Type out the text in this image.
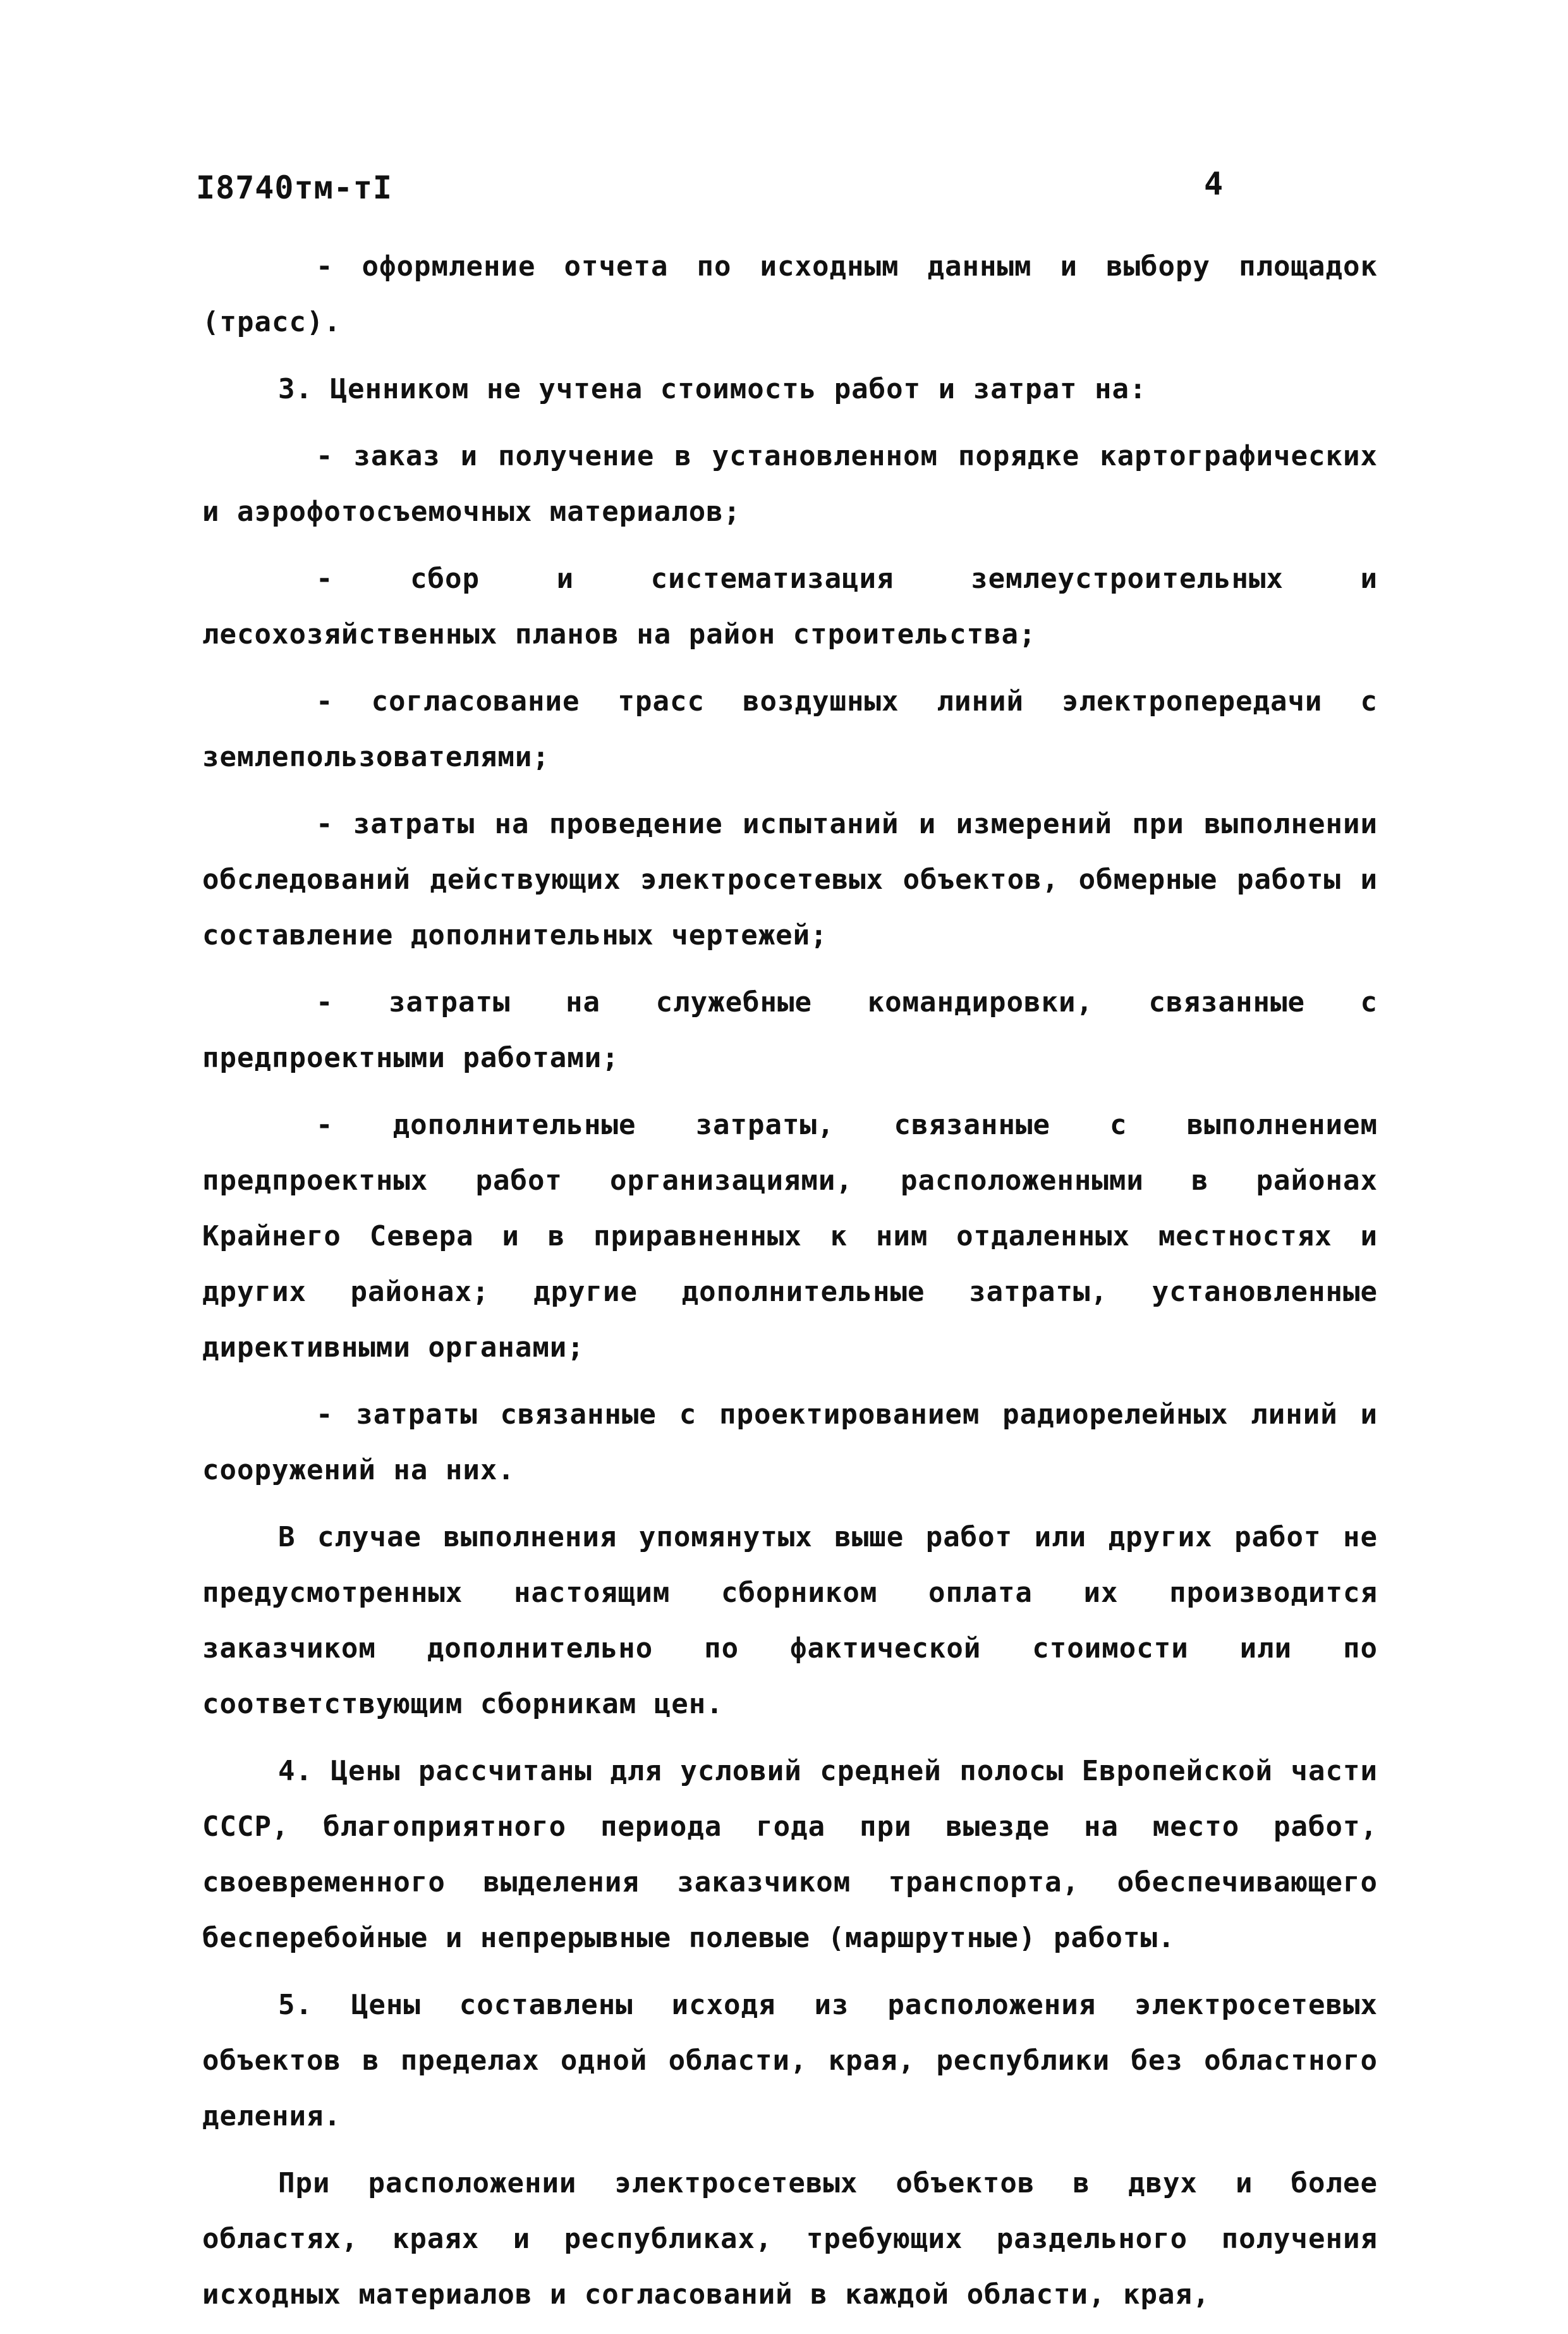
I8740тм-тI	4

- оформление отчета по исходным данным и выбору площадок (трасс).

3. Ценником не учтена стоимость работ и затрат на:

- заказ и получение в установленном порядке картографических и аэрофотосъемочных материалов;

- сбор и систематизация землеустроительных и лесохозяйственных планов на район строительства;

- согласование трасс воздушных линий электропередачи с землепользователями;

- затраты на проведение испытаний и измерений при выполнении обследований действующих электросетевых объектов, обмерные работы и составление дополнительных чертежей;

- затраты на служебные командировки, связанные с предпроектными работами;

- дополнительные затраты, связанные с выполнением предпроектных работ организациями, расположенными в районах Крайнего Севера и в приравненных к ним отдаленных местностях и других районах; другие дополнительные затраты, установленные директивными органами;

- затраты связанные с проектированием радиорелейных линий и сооружений на них.

В случае выполнения упомянутых выше работ или других работ не предусмотренных настоящим сборником оплата их производится заказчиком дополнительно по фактической стоимости или по соответствующим сборникам цен.

4. Цены рассчитаны для условий средней полосы Европейской части СССР, благоприятного периода года при выезде на место работ, своевременного выделения заказчиком транспорта, обеспечивающего бесперебойные и непрерывные полевые (маршрутные) работы.

5. Цены составлены исходя из расположения электросетевых объектов в пределах одной области, края, республики без областного деления.

При расположении электросетевых объектов в двух и более областях, краях и республиках, требующих раздельного получения исходных материалов и согласований в каждой области, края,
